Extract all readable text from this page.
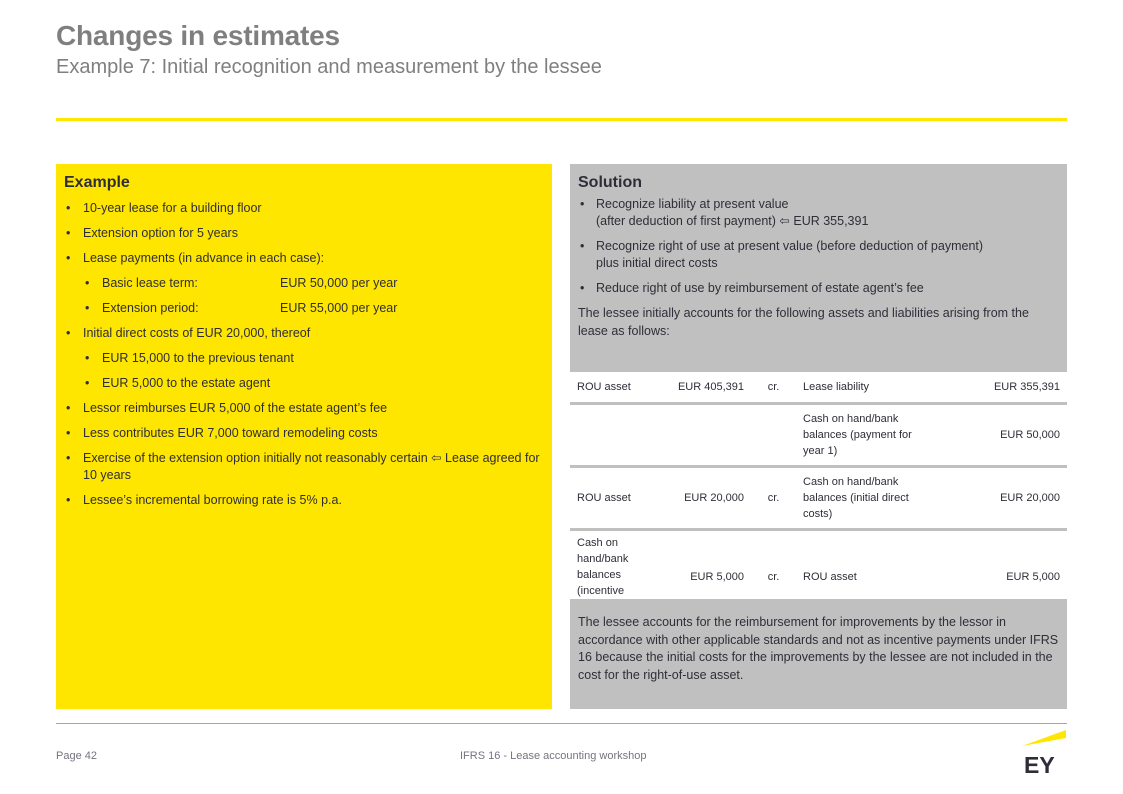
Changes in estimates
Example 7: Initial recognition and measurement by the lessee
Example
• 10-year lease for a building floor
• Extension option for 5 years
• Lease payments (in advance in each case):
• Basic lease term:	EUR 50,000 per year
• Extension period:	EUR 55,000 per year
• Initial direct costs of EUR 20,000, thereof
• EUR 15,000 to the previous tenant
• EUR 5,000 to the estate agent
• Lessor reimburses EUR 5,000 of the estate agent’s fee
• Less contributes EUR 7,000 toward remodeling costs
• Exercise of the extension option initially not reasonably certain ⇦ Lease agreed for 10 years
• Lessee’s incremental borrowing rate is 5% p.a.
Solution
• Recognize liability at present value
(after deduction of first payment) ⇦ EUR 355,391
• Recognize right of use at present value (before deduction of payment)
plus initial direct costs
• Reduce right of use by reimbursement of estate agent’s fee

The lessee initially accounts for the following assets and liabilities arising from the lease as follows:

ROU asset	EUR 405,391	cr.	Lease liability	EUR 355,391
			Cash on hand/bank balances (payment for year 1)	EUR 50,000
ROU asset	EUR 20,000	cr.	Cash on hand/bank balances (initial direct costs)	EUR 20,000

Cash on hand/bank balances (incentive	EUR 5,000	cr.	ROU asset	EUR 5,000

The lessee accounts for the reimbursement for improvements by the lessor in accordance with other applicable standards and not as incentive payments under IFRS 16 because the initial costs for the improvements by the lessee are not included in the cost for the right-of-use asset.

Page 42	IFRS 16 - Lease accounting workshop	EY
